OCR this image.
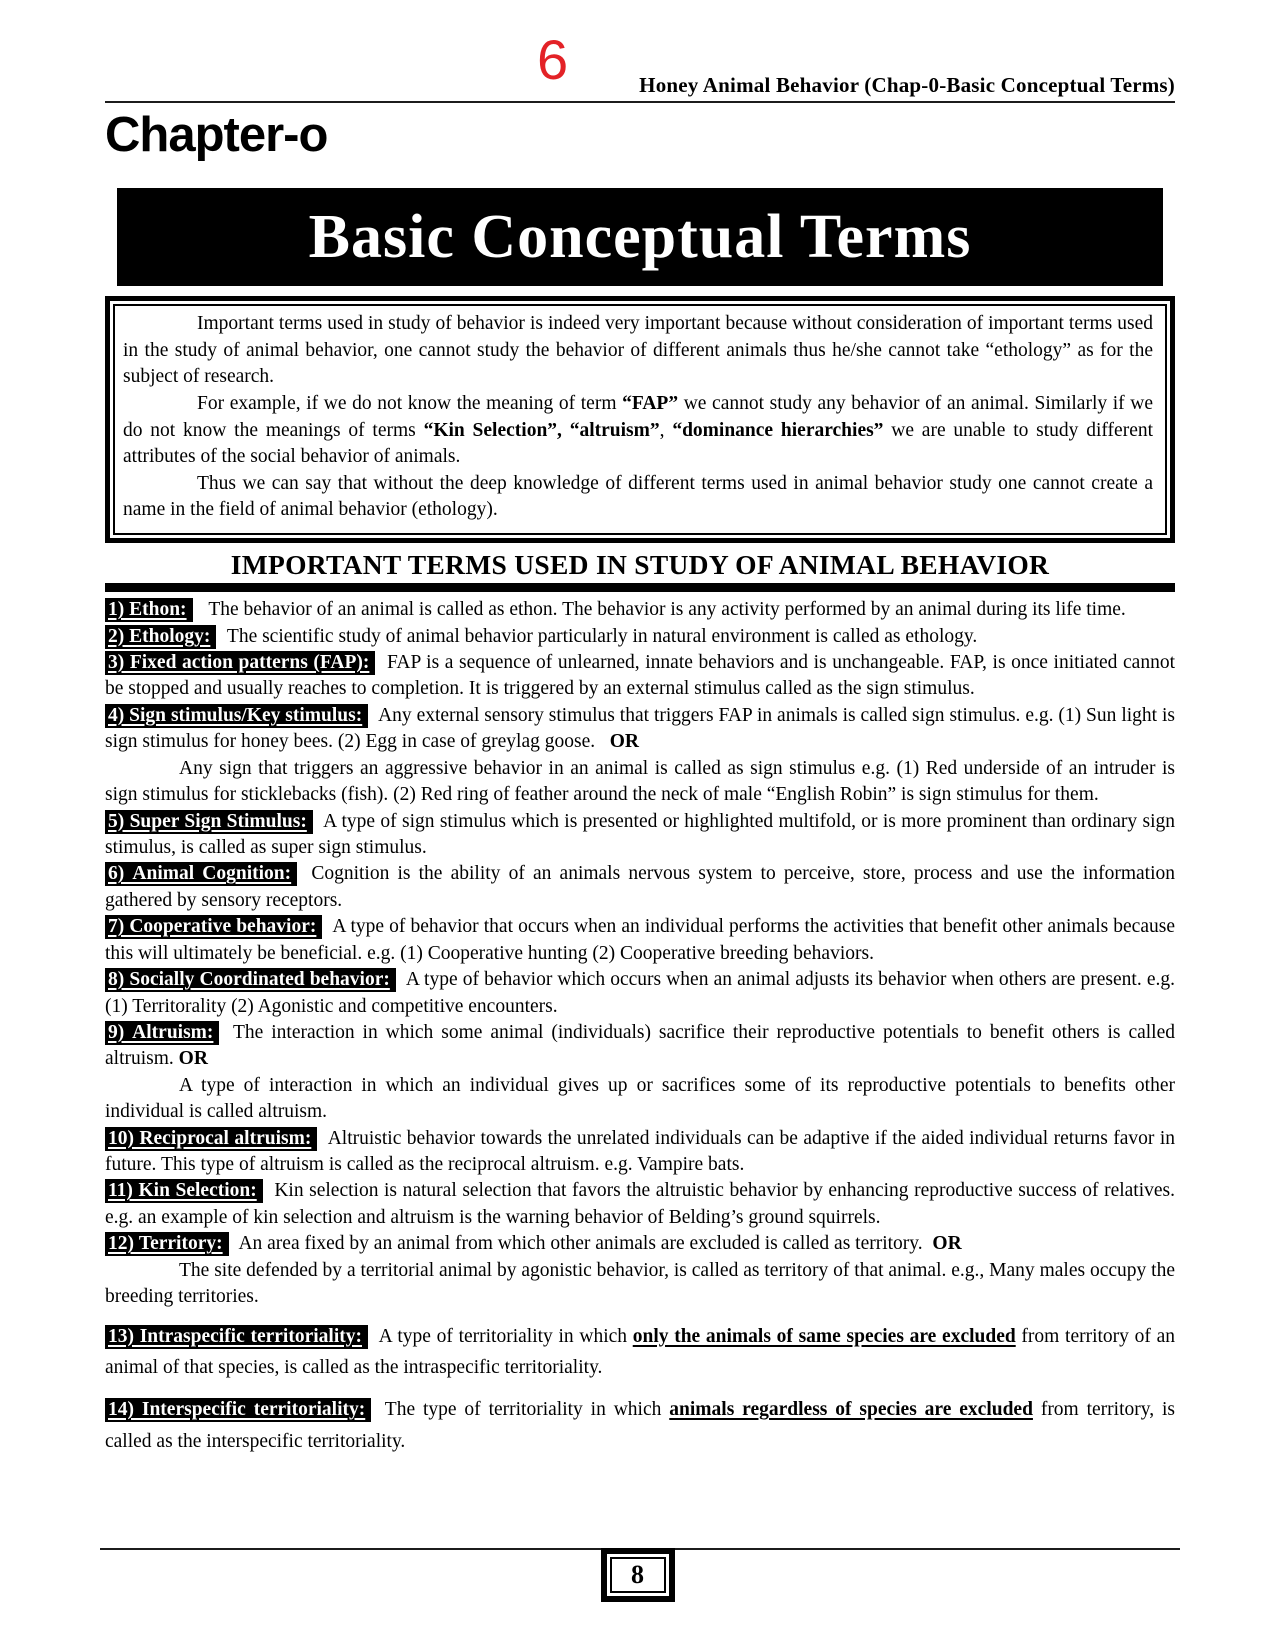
6	Honey Animal Behavior (Chap-0-Basic Conceptual Terms)
Chapter-o
Basic Conceptual Terms

Important terms used in study of behavior is indeed very important because without consideration of important terms used in the study of animal behavior, one cannot study the behavior of different animals thus he/she cannot take “ethology” as for the subject of research.

For example, if we do not know the meaning of term “FAP” we cannot study any behavior of an animal. Similarly if we do not know the meanings of terms “Kin Selection”, “altruism”, “dominance hierarchies” we are unable to study different attributes of the social behavior of animals.

Thus we can say that without the deep knowledge of different terms used in animal behavior study one cannot create a name in the field of animal behavior (ethology).

IMPORTANT TERMS USED IN STUDY OF ANIMAL BEHAVIOR

1) Ethon:  The behavior of an animal is called as ethon. The behavior is any activity performed by an animal during its life time.

2) Ethology: The scientific study of animal behavior particularly in natural environment is called as ethology.

3) Fixed action patterns (FAP): FAP is a sequence of unlearned, innate behaviors and is unchangeable. FAP, is once initiated cannot be stopped and usually reaches to completion. It is triggered by an external stimulus called as the sign stimulus.

4) Sign stimulus/Key stimulus: Any external sensory stimulus that triggers FAP in animals is called sign stimulus. e.g. (1) Sun light is sign stimulus for honey bees. (2) Egg in case of greylag goose.   OR

Any sign that triggers an aggressive behavior in an animal is called as sign stimulus e.g. (1) Red underside of an intruder is sign stimulus for sticklebacks (fish). (2) Red ring of feather around the neck of male “English Robin” is sign stimulus for them.

5) Super Sign Stimulus: A type of sign stimulus which is presented or highlighted multifold, or is more prominent than ordinary sign stimulus, is called as super sign stimulus.

6) Animal Cognition: Cognition is the ability of an animals nervous system to perceive, store, process and use the information gathered by sensory receptors.

7) Cooperative behavior: A type of behavior that occurs when an individual performs the activities that benefit other animals because this will ultimately be beneficial. e.g. (1) Cooperative hunting (2) Cooperative breeding behaviors.

8) Socially Coordinated behavior: A type of behavior which occurs when an animal adjusts its behavior when others are present. e.g. (1) Territorality (2) Agonistic and competitive encounters.

9) Altruism: The interaction in which some animal (individuals) sacrifice their reproductive potentials to benefit others is called altruism. OR

A type of interaction in which an individual gives up or sacrifices some of its reproductive potentials to benefits other individual is called altruism.

10) Reciprocal altruism: Altruistic behavior towards the unrelated individuals can be adaptive if the aided individual returns favor in future. This type of altruism is called as the reciprocal altruism. e.g. Vampire bats.

11) Kin Selection: Kin selection is natural selection that favors the altruistic behavior by enhancing reproductive success of relatives. e.g. an example of kin selection and altruism is the warning behavior of Belding’s ground squirrels.

12) Territory: An area fixed by an animal from which other animals are excluded is called as territory.  OR

The site defended by a territorial animal by agonistic behavior, is called as territory of that animal. e.g., Many males occupy the breeding territories.

13) Intraspecific territoriality: A type of territoriality in which only the animals of same species are excluded from territory of an animal of that species, is called as the intraspecific territoriality.

14) Interspecific territoriality: The type of territoriality in which animals regardless of species are excluded from territory, is called as the interspecific territoriality.

8
